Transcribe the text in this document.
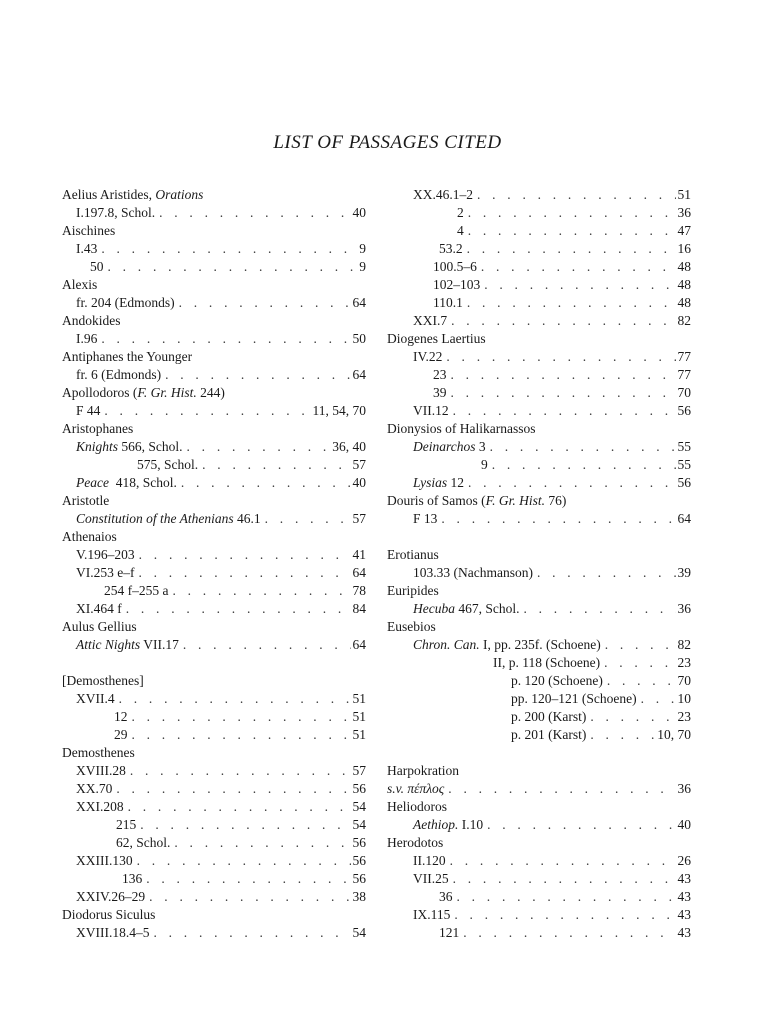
LIST OF PASSAGES CITED
Aelius Aristides, Orations
I.197.8, Schol. . . .	40
Aischines
I.43 . . .	9
50 . . .	9
Alexis
fr. 204 (Edmonds) . . .	64
Andokides
I.96 . . .	50
Antiphanes the Younger
fr. 6 (Edmonds) . . .	64
Apollodoros (F. Gr. Hist. 244)
F 44 . . .	11, 54, 70
Aristophanes
Knights 566, Schol. . . .	36, 40
575, Schol. . . .	57
Peace  418, Schol. . . .	40
Aristotle
Constitution of the Athenians 46.1 . . .	57
Athenaios
V.196–203 . . .	41
VI.253 e–f . . .	64
254 f–255 a . . .	78
XI.464 f . . .	84
Aulus Gellius
Attic Nights VII.17 . . .	64
[Demosthenes]
XVII.4 . . .	51
12 . . .	51
29 . . .	51
Demosthenes
XVIII.28 . . .	57
XX.70 . . .	56
XXI.208 . . .	54
215 . . .	54
62, Schol. . . .	56
XXIII.130 . . .	56
136 . . .	56
XXIV.26–29 . . .	38
Diodorus Siculus
XVIII.18.4–5 . . .	54
XX.46.1–2 . . .	51
2 . . .	36
4 . . .	47
53.2 . . .	16
100.5–6 . . .	48
102–103 . . .	48
110.1 . . .	48
XXI.7 . . .	82
Diogenes Laertius
IV.22 . . .	77
23 . . .	77
39 . . .	70
VII.12 . . .	56
Dionysios of Halikarnassos
Deinarchos 3 . . .	55
9 . . .	55
Lysias 12 . . .	56
Douris of Samos (F. Gr. Hist. 76)
F 13 . . .	64
Erotianus
103.33 (Nachmanson) . . .	39
Euripides
Hecuba 467, Schol. . . .	36
Eusebios
Chron. Can. I, pp. 235f. (Schoene) . . .	82
II, p. 118 (Schoene) . . .	23
p. 120 (Schoene) . . .	70
pp. 120–121 (Schoene) . . .	10
p. 200 (Karst) . . .	23
p. 201 (Karst) . . .	10, 70
Harpokration
s.v. πέπλος . . .	36
Heliodoros
Aethiop. I.10 . . .	40
Herodotos
II.120 . . .	26
VII.25 . . .	43
36 . . .	43
IX.115 . . .	43
121 . . .	43
